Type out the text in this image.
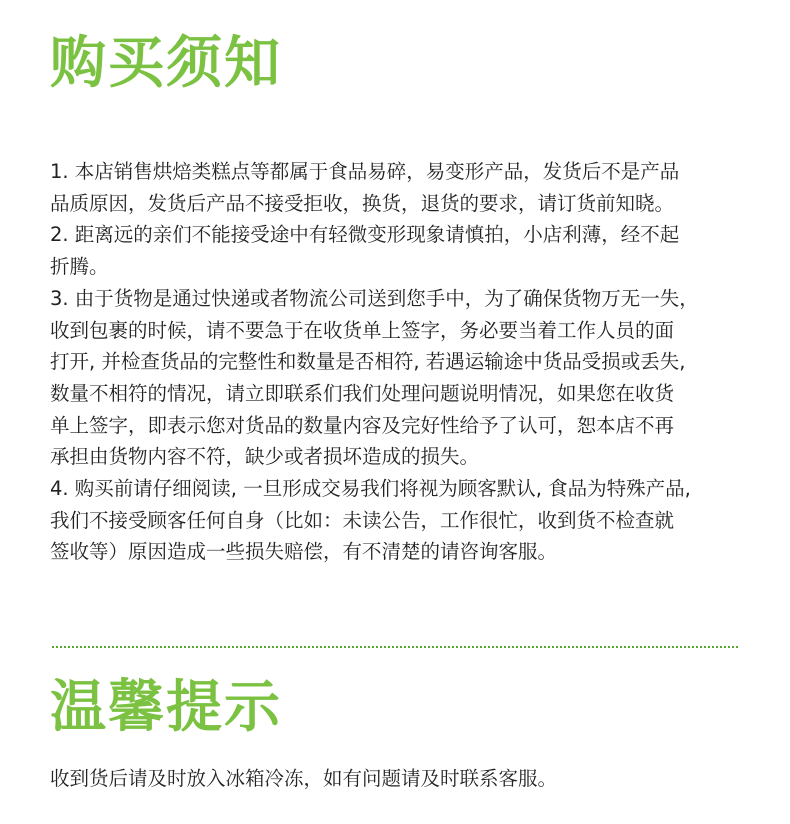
购买须知

1. 本店销售烘焙类糕点等都属于食品易碎，易变形产品，发货后不是产品
品质原因，发货后产品不接受拒收，换货，退货的要求，请订货前知晓。

2. 距离远的亲们不能接受途中有轻微变形现象请慎拍，小店利薄，经不起
折腾。

3. 由于货物是通过快递或者物流公司送到您手中，为了确保货物万无一失，
收到包裹的时候，请不要急于在收货单上签字，务必要当着工作人员的面
打开, 并检查货品的完整性和数量是否相符, 若遇运输途中货品受损或丢失,
数量不相符的情况，请立即联系们我们处理问题说明情况，如果您在收货
单上签字，即表示您对货品的数量内容及完好性给予了认可，恕本店不再
承担由货物内容不符，缺少或者损坏造成的损失。

4. 购买前请仔细阅读, 一旦形成交易我们将视为顾客默认, 食品为特殊产品,
我们不接受顾客任何自身（比如：未读公告，工作很忙，收到货不检查就
签收等）原因造成一些损失赔偿，有不清楚的请咨询客服。

温馨提示

收到货后请及时放入冰箱冷冻，如有问题请及时联系客服。
